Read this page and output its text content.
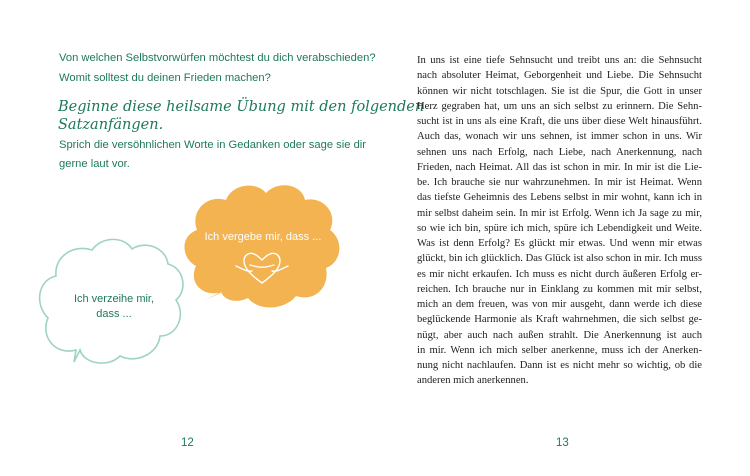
Von welchen Selbstvorwürfen möchtest du dich verabschieden?
Womit solltest du deinen Frieden machen?
Beginne diese heilsame Übung mit den folgenden
Satzanfängen.
Sprich die versöhnlichen Worte in Gedanken oder sage sie dir
gerne laut vor.
Ich vergebe mir, dass ...
Ich verzeihe mir,
dass ...
12
In uns ist eine tiefe Sehnsucht und treibt uns an: die Sehnsucht
nach absoluter Heimat, Geborgenheit und Liebe. Die Sehnsucht
können wir nicht totschlagen. Sie ist die Spur, die Gott in unser
Herz gegraben hat, um uns an sich selbst zu erinnern. Die Sehn-
sucht ist in uns als eine Kraft, die uns über diese Welt hinausführt.
Auch das, wonach wir uns sehnen, ist immer schon in uns. Wir
sehnen uns nach Erfolg, nach Liebe, nach Anerkennung, nach
Frieden, nach Heimat. All das ist schon in mir. In mir ist die Lie-
be. Ich brauche sie nur wahrzunehmen. In mir ist Heimat. Wenn
das tiefste Geheimnis des Lebens selbst in mir wohnt, kann ich in
mir selbst daheim sein. In mir ist Erfolg. Wenn ich Ja sage zu mir,
so wie ich bin, spüre ich mich, spüre ich Lebendigkeit und Weite.
Was ist denn Erfolg? Es glückt mir etwas. Und wenn mir etwas
glückt, bin ich glücklich. Das Glück ist also schon in mir. Ich muss
es mir nicht erkaufen. Ich muss es nicht durch äußeren Erfolg er-
reichen. Ich brauche nur in Einklang zu kommen mit mir selbst,
mich an dem freuen, was von mir ausgeht, dann werde ich diese
beglückende Harmonie als Kraft wahrnehmen, die sich selbst ge-
nügt, aber auch nach außen strahlt. Die Anerkennung ist auch
in mir. Wenn ich mich selber anerkenne, muss ich der Anerken-
nung nicht nachlaufen. Dann ist es nicht mehr so wichtig, ob die
anderen mich anerkennen.
13
